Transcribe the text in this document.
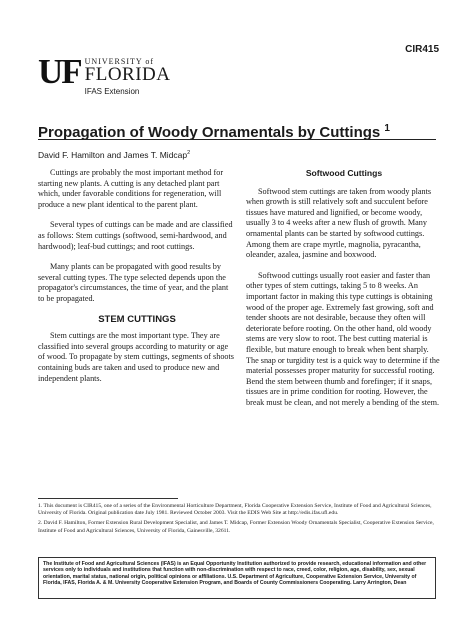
CIR415
UF UNIVERSITY of
FLORIDA
IFAS Extension
Propagation of Woody Ornamentals by Cuttings $^1$
David F. Hamilton and James T. Midcap$^2$

Cuttings are probably the most important method for starting new plants. A cutting is any detached plant part which, under favorable conditions for regeneration, will produce a new plant identical to the parent plant.

Several types of cuttings can be made and are classified as follows: Stem cuttings (softwood, semi-hardwood, and hardwood); leaf-bud cuttings; and root cuttings.

Many plants can be propagated with good results by several cutting types. The type selected depends upon the propagator's circumstances, the time of year, and the plant to be propagated.

STEM CUTTINGS

Stem cuttings are the most important type. They are classified into several groups according to maturity or age of wood. To propagate by stem cuttings, segments of shoots containing buds are taken and used to produce new and independent plants.

Softwood Cuttings

Softwood stem cuttings are taken from woody plants when growth is still relatively soft and succulent before tissues have matured and lignified, or become woody, usually 3 to 4 weeks after a new flush of growth. Many ornamental plants can be started by softwood cuttings. Among them are crape myrtle, magnolia, pyracantha, oleander, azalea, jasmine and boxwood.

Softwood cuttings usually root easier and faster than other types of stem cuttings, taking 5 to 8 weeks. An important factor in making this type cuttings is obtaining wood of the proper age. Extremely fast growing, soft and tender shoots are not desirable, because they often will deteriorate before rooting. On the other hand, old woody stems are very slow to root. The best cutting material is flexible, but mature enough to break when bent sharply. The snap or turgidity test is a quick way to determine if the material possesses proper maturity for successful rooting. Bend the stem between thumb and forefinger; if it snaps, tissues are in prime condition for rooting. However, the break must be clean, and not merely a bending of the stem.

1. This document is CIR415, one of a series of the Environmental Horticulture Department, Florida Cooperative Extension Service, Institute of Food and Agricultural Sciences, University of Florida. Original publication date July 1981. Reviewed October 2003. Visit the EDIS Web Site at http://edis.ifas.ufl.edu.

2. David F. Hamilton, Former Extension Rural Development Specialist, and James T. Midcap, Former Extension Woody Ornamentals Specialist, Cooperative Extension Service, Institute of Food and Agricultural Sciences, University of Florida, Gainesville, 32611.

The Institute of Food and Agricultural Sciences (IFAS) is an Equal Opportunity Institution authorized to provide research, educational information and other services only to individuals and institutions that function with non-discrimination with respect to race, creed, color, religion, age, disability, sex, sexual orientation, marital status, national origin, political opinions or affiliations. U.S. Department of Agriculture, Cooperative Extension Service, University of Florida, IFAS, Florida A. & M. University Cooperative Extension Program, and Boards of County Commissioners Cooperating. Larry Arrington, Dean
